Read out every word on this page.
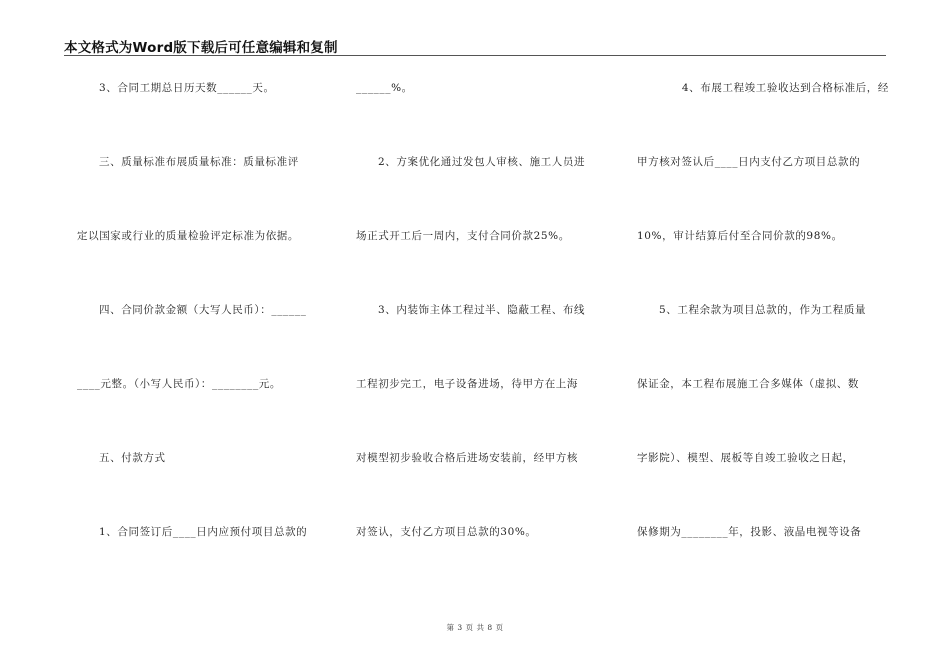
本文格式为Word版下载后可任意编辑和复制
3、合同工期总日历天数______天。
三、质量标准布展质量标准：质量标准评
定以国家或行业的质量检验评定标准为依据。
四、合同价款金额（大写人民币）：______
____元整。（小写人民币）：________元。
五、付款方式
1、合同签订后____日内应预付项目总款的
______%。
2、方案优化通过发包人审核、施工人员进
场正式开工后一周内，支付合同价款25%。
3、内装饰主体工程过半、隐蔽工程、布线
工程初步完工，电子设备进场，待甲方在上海
对模型初步验收合格后进场安装前，经甲方核
对签认，支付乙方项目总款的30%。
4、布展工程竣工验收达到合格标准后，经
甲方核对签认后____日内支付乙方项目总款的
10%，审计结算后付至合同价款的98%。
5、工程余款为项目总款的，作为工程质量
保证金，本工程布展施工合多媒体（虚拟、数
字影院）、模型、展板等自竣工验收之日起，
保修期为________年，投影、液晶电视等设备
第 3 页 共 8 页
